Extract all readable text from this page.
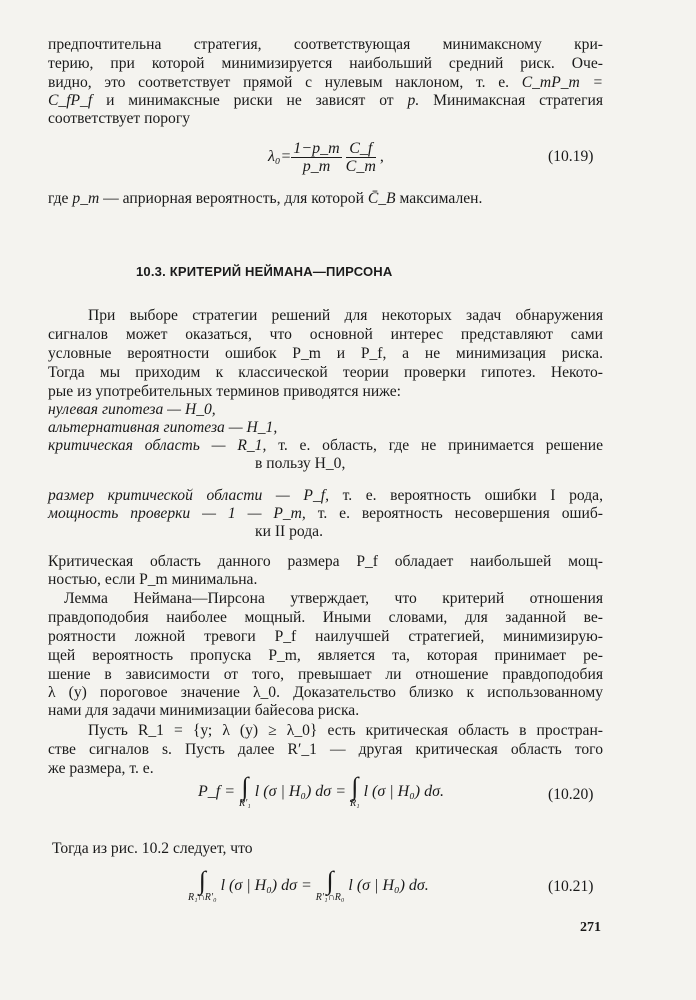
предпочтительна стратегия, соответствующая минимаксному кри-
терию, при которой минимизируется наибольший средний риск. Оче-
видно, это соответствует прямой с нулевым наклоном, т. е. C_mP_m =
C_fP_f и минимаксные риски не зависят от p. Минимаксная стратегия
соответствует порогу
$\lambda_0= \frac{1-p\_m}{p\_m}$
$\frac{C\_f}{C\_m}$ ,	(10.19)
где p_m — априорная вероятность, для которой C̄_B максимален.
10.3. КРИТЕРИЙ НЕЙМАНА—ПИРСОНА
При выборе стратегии решений для некоторых задач обнаружения
сигналов может оказаться, что основной интерес представляют сами
условные вероятности ошибок P_m и P_f, а не минимизация риска.
Тогда мы приходим к классической теории проверки гипотез. Некото-
рые из употребительных терминов приводятся ниже:
нулевая гипотеза — H_0,
альтернативная гипотеза — H_1,
критическая область — R_1, т. е. область, где не принимается решение
в пользу H_0,
размер критической области — P_f, т. е. вероятность ошибки I рода,
мощность проверки — 1 — P_m, т. е. вероятность несовершения ошиб-
ки II рода.
Критическая область данного размера P_f обладает наибольшей мощ-
ностью, если P_m минимальна.
Лемма Неймана—Пирсона утверждает, что критерий отношения
правдоподобия наиболее мощный. Иными словами, для заданной ве-
роятности ложной тревоги P_f наилучшей стратегией, минимизирую-
щей вероятность пропуска P_m, является та, которая принимает ре-
шение в зависимости от того, превышает ли отношение правдоподобия
λ (у) пороговое значение λ_0. Доказательство близко к использованному
нами для задачи минимизации байесова риска.
Пусть R_1 = {у; λ (у) ≥ λ_0} есть критическая область в простран-
стве сигналов s. Пусть далее R′_1 — другая критическая область того
же размера, т. е.
P_f = ∫
R′₁
l (σ | H₀) dσ = ∫
R₁
l (σ | H₀) dσ.	(10.20)
Тогда из рис. 10.2 следует, что
∫
R₁∩R′₀
l (σ | H₀) dσ = ∫
R′₁∩R₀
l (σ | H₀) dσ.	(10.21)
271
